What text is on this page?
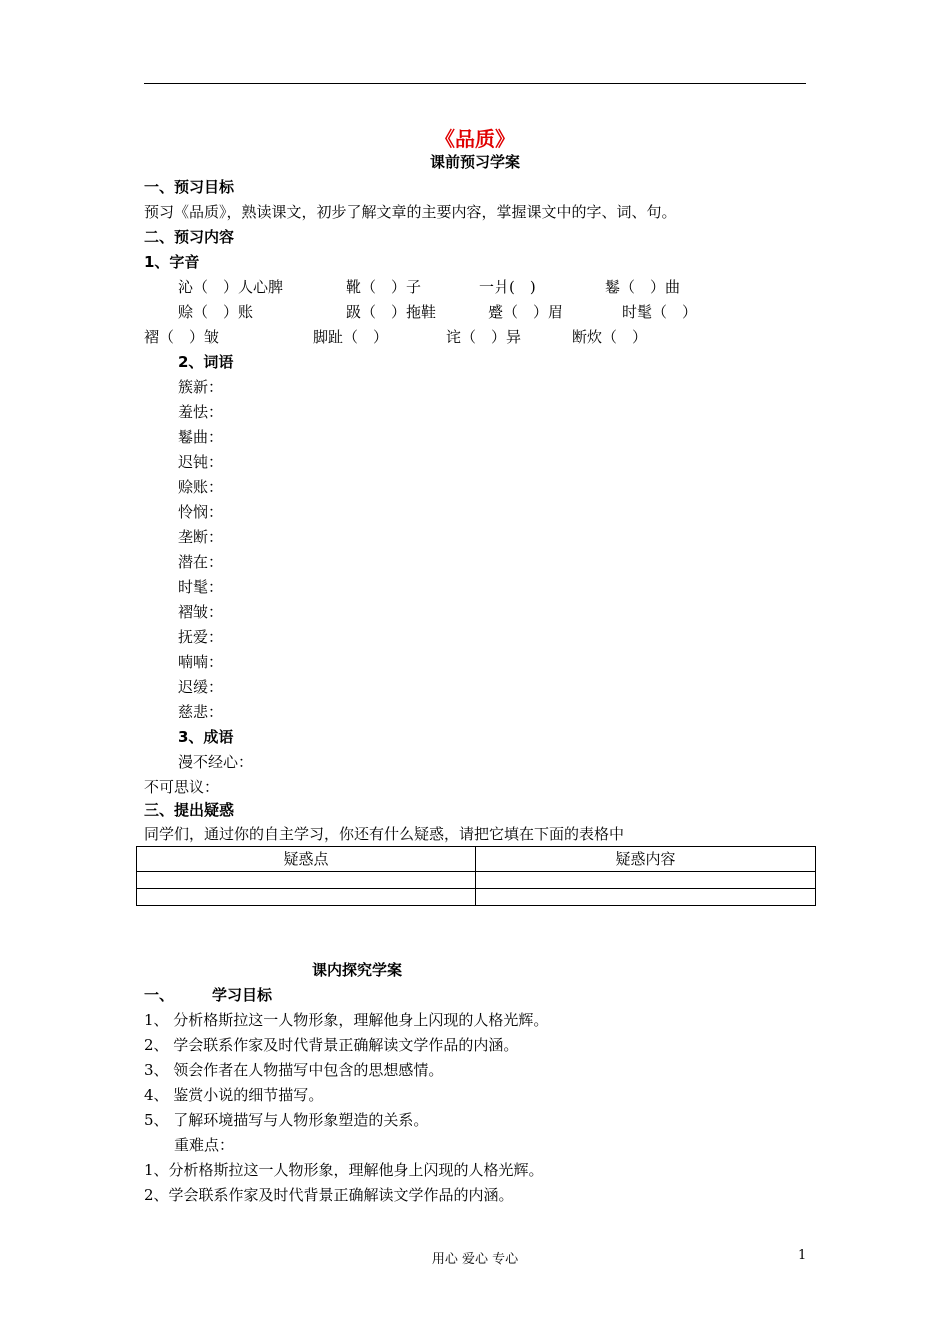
《品质》
课前预习学案
一、预习目标
预习《品质》，熟读课文，初步了解文章的主要内容，掌握课文中的字、词、句。
二、预习内容
1、字音
沁（　）人心脾	靴（　）子	一爿(　)	鬈（　）曲
赊（　）账	趿（　）拖鞋	蹙（　）眉	时髦（　）
褶（　）皱	脚趾（　）	诧（　）异	断炊（　）
2、词语
簇新：
羞怯：
鬈曲：
迟钝：
赊账：
怜悯：
垄断：
潜在：
时髦：
褶皱：
抚爱：
喃喃：
迟缓：
慈悲：
3、成语
漫不经心：
不可思议：
三、提出疑惑
同学们，通过你的自主学习，你还有什么疑惑，请把它填在下面的表格中
疑惑点	疑惑内容

课内探究学案
一、	学习目标
1、 分析格斯拉这一人物形象，理解他身上闪现的人格光辉。
2、 学会联系作家及时代背景正确解读文学作品的内涵。
3、 领会作者在人物描写中包含的思想感情。
4、 鉴赏小说的细节描写。
5、 了解环境描写与人物形象塑造的关系。
重难点：
1、分析格斯拉这一人物形象，理解他身上闪现的人格光辉。
2、学会联系作家及时代背景正确解读文学作品的内涵。
用心 爱心 专心	1
